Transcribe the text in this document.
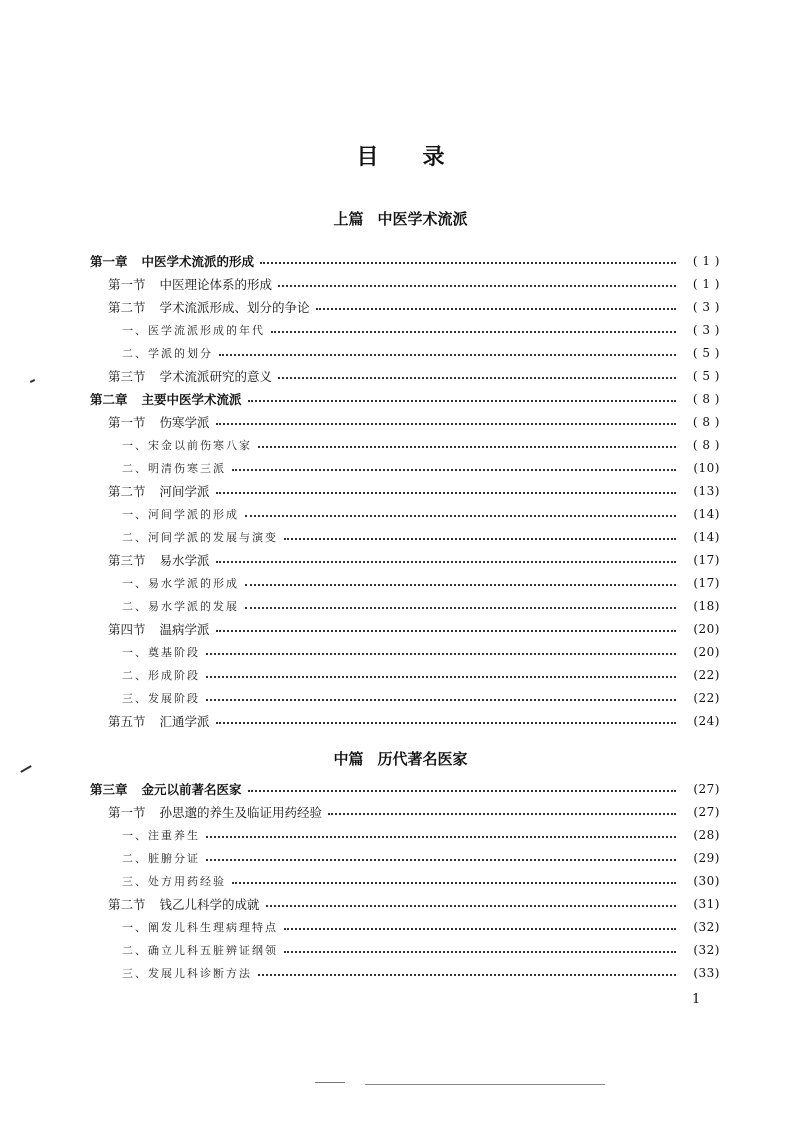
目 录
上篇 中医学术流派
中篇 历代著名医家
第一章 中医学术流派的形成	( 1 )
第一节 中医理论体系的形成	( 1 )
第二节 学术流派形成、划分的争论	( 3 )
一、 医学流派形成的年代	( 3 )
二、 学派的划分	( 5 )
第三节 学术流派研究的意义	( 5 )
第二章 主要中医学术流派	( 8 )
第一节 伤寒学派	( 8 )
一、 宋金以前伤寒八家	( 8 )
二、 明清伤寒三派	(10)
第二节 河间学派	(13)
一、 河间学派的形成	(14)
二、 河间学派的发展与演变	(14)
第三节 易水学派	(17)
一、 易水学派的形成	(17)
二、 易水学派的发展	(18)
第四节 温病学派	(20)
一、 奠基阶段	(20)
二、 形成阶段	(22)
三、 发展阶段	(22)
第五节 汇通学派	(24)
第三章 金元以前著名医家	(27)
第一节 孙思邈的养生及临证用药经验	(27)
一、 注重养生	(28)
二、 脏腑分证	(29)
三、 处方用药经验	(30)
第二节 钱乙儿科学的成就	(31)
一、 阐发儿科生理病理特点	(32)
二、 确立儿科五脏辨证纲领	(32)
三、 发展儿科诊断方法	(33)
1
